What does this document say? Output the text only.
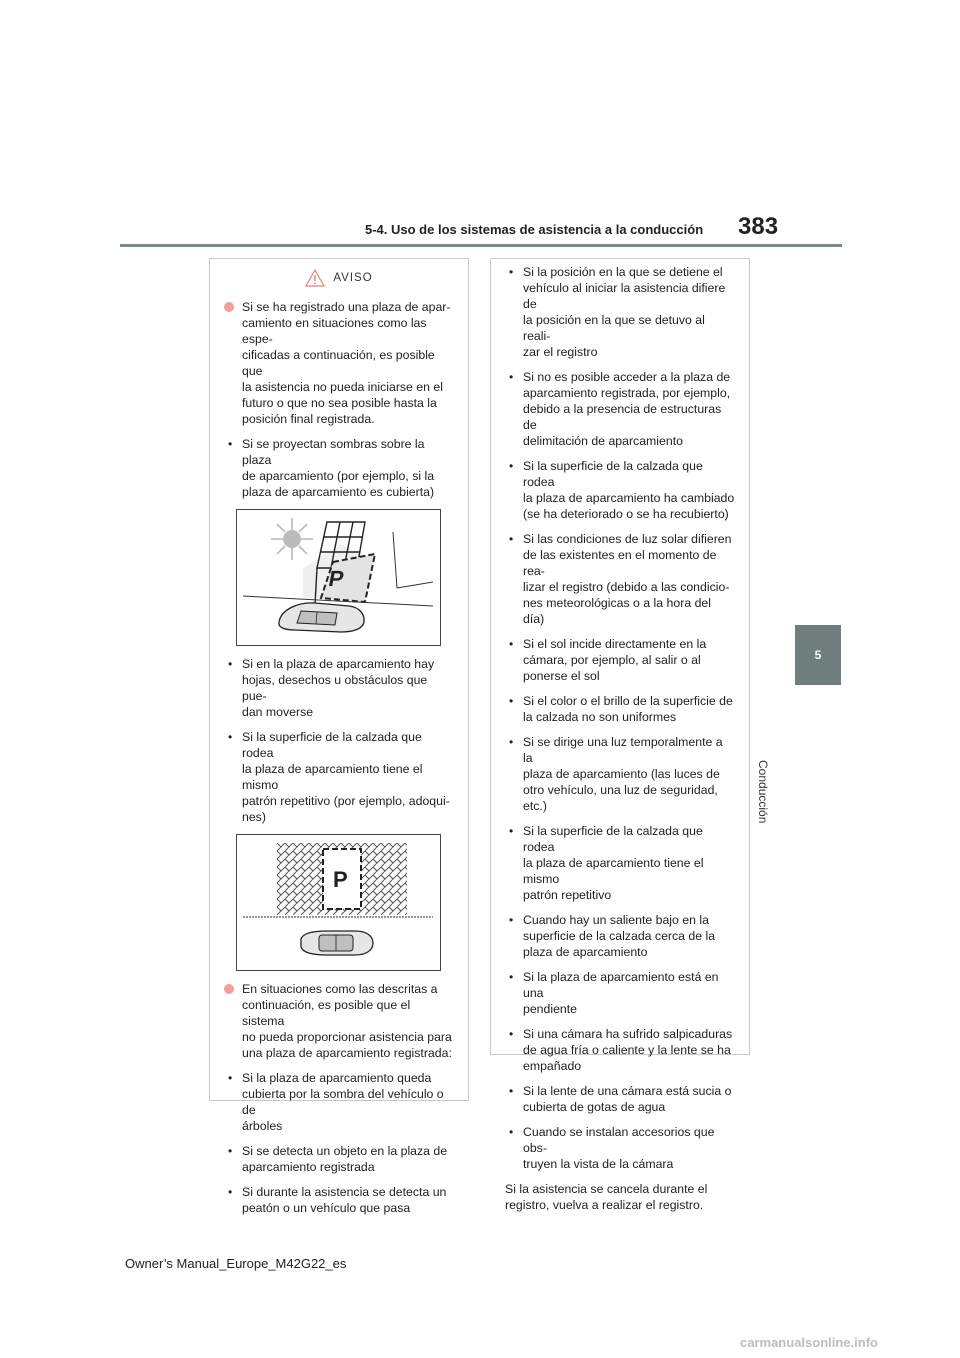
5-4. Uso de los sistemas de asistencia a la conducción 383
5
Conducción
AVISO
Si se ha registrado una plaza de apar-
camiento en situaciones como las espe-
cificadas a continuación, es posible que
la asistencia no pueda iniciarse en el
futuro o que no sea posible hasta la
posición final registrada.
• Si se proyectan sombras sobre la plaza
de aparcamiento (por ejemplo, si la
plaza de aparcamiento es cubierta)
P
• Si en la plaza de aparcamiento hay
hojas, desechos u obstáculos que pue-
dan moverse
• Si la superficie de la calzada que rodea
la plaza de aparcamiento tiene el mismo
patrón repetitivo (por ejemplo, adoqui-
nes)
P
En situaciones como las descritas a
continuación, es posible que el sistema
no pueda proporcionar asistencia para
una plaza de aparcamiento registrada:
• Si la plaza de aparcamiento queda
cubierta por la sombra del vehículo o de
árboles
• Si se detecta un objeto en la plaza de
aparcamiento registrada
• Si durante la asistencia se detecta un
peatón o un vehículo que pasa
• Si la posición en la que se detiene el
vehículo al iniciar la asistencia difiere de
la posición en la que se detuvo al reali-
zar el registro
• Si no es posible acceder a la plaza de
aparcamiento registrada, por ejemplo,
debido a la presencia de estructuras de
delimitación de aparcamiento
• Si la superficie de la calzada que rodea
la plaza de aparcamiento ha cambiado
(se ha deteriorado o se ha recubierto)
• Si las condiciones de luz solar difieren
de las existentes en el momento de rea-
lizar el registro (debido a las condicio-
nes meteorológicas o a la hora del día)
• Si el sol incide directamente en la
cámara, por ejemplo, al salir o al
ponerse el sol
• Si el color o el brillo de la superficie de
la calzada no son uniformes
• Si se dirige una luz temporalmente a la
plaza de aparcamiento (las luces de
otro vehículo, una luz de seguridad,
etc.)
• Si la superficie de la calzada que rodea
la plaza de aparcamiento tiene el mismo
patrón repetitivo
• Cuando hay un saliente bajo en la
superficie de la calzada cerca de la
plaza de aparcamiento
• Si la plaza de aparcamiento está en una
pendiente
• Si una cámara ha sufrido salpicaduras
de agua fría o caliente y la lente se ha
empañado
• Si la lente de una cámara está sucia o
cubierta de gotas de agua
• Cuando se instalan accesorios que obs-
truyen la vista de la cámara
Si la asistencia se cancela durante el
registro, vuelva a realizar el registro.
Owner’s Manual_Europe_M42G22_es
carmanualsonline.info
